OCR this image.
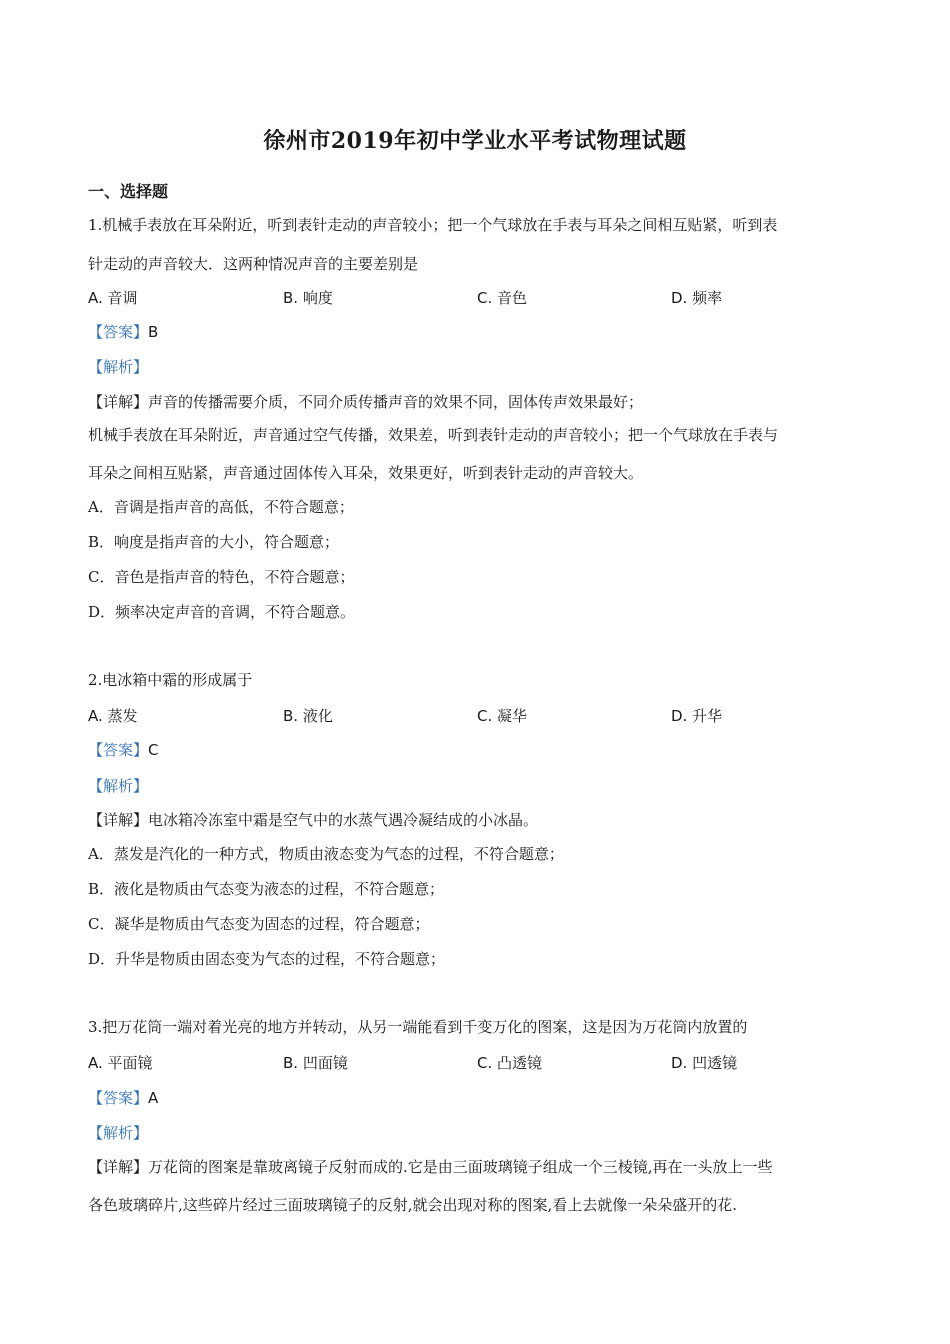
徐州市2019年初中学业水平考试物理试题
一、选择题
1.机械手表放在耳朵附近，听到表针走动的声音较小；把一个气球放在手表与耳朵之间相互贴紧，听到表
针走动的声音较大．这两种情况声音的主要差别是
A. 音调	B. 响度	C. 音色	D. 频率
【答案】B
【解析】
【详解】声音的传播需要介质，不同介质传播声音的效果不同，固体传声效果最好；
机械手表放在耳朵附近，声音通过空气传播，效果差，听到表针走动的声音较小；把一个气球放在手表与
耳朵之间相互贴紧，声音通过固体传入耳朵，效果更好，听到表针走动的声音较大。
A．音调是指声音的高低，不符合题意；
B．响度是指声音的大小，符合题意；
C．音色是指声音的特色，不符合题意；
D．频率决定声音的音调，不符合题意。
2.电冰箱中霜的形成属于
A. 蒸发	B. 液化	C. 凝华	D. 升华
【答案】C
【解析】
【详解】电冰箱冷冻室中霜是空气中的水蒸气遇冷凝结成的小冰晶。
A．蒸发是汽化的一种方式，物质由液态变为气态的过程，不符合题意；
B．液化是物质由气态变为液态的过程，不符合题意；
C．凝华是物质由气态变为固态的过程，符合题意；
D．升华是物质由固态变为气态的过程，不符合题意；
3.把万花筒一端对着光亮的地方并转动，从另一端能看到千变万化的图案，这是因为万花筒内放置的
A. 平面镜	B. 凹面镜	C. 凸透镜	D. 凹透镜
【答案】A
【解析】
【详解】万花筒的图案是靠玻离镜子反射而成的.它是由三面玻璃镜子组成一个三棱镜,再在一头放上一些
各色玻璃碎片,这些碎片经过三面玻璃镜子的反射,就会出现对称的图案,看上去就像一朵朵盛开的花.
